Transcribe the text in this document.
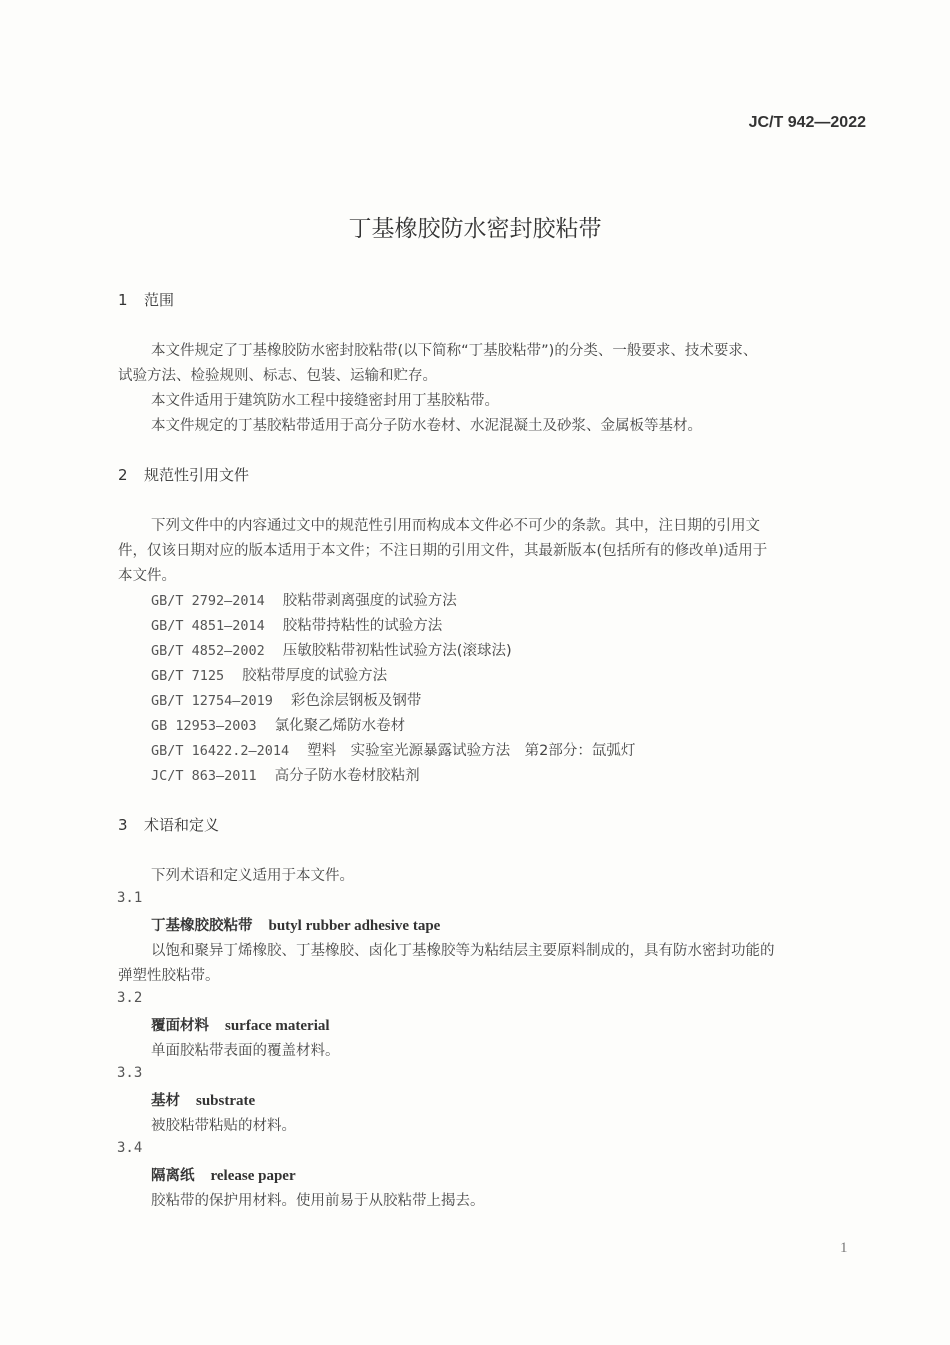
JC/T 942—2022
丁基橡胶防水密封胶粘带
1 范围
本文件规定了丁基橡胶防水密封胶粘带(以下简称“丁基胶粘带”)的分类、一般要求、技术要求、
试验方法、检验规则、标志、包装、运输和贮存。
本文件适用于建筑防水工程中接缝密封用丁基胶粘带。
本文件规定的丁基胶粘带适用于高分子防水卷材、水泥混凝土及砂浆、金属板等基材。
2 规范性引用文件
下列文件中的内容通过文中的规范性引用而构成本文件必不可少的条款。其中，注日期的引用文
件，仅该日期对应的版本适用于本文件；不注日期的引用文件，其最新版本(包括所有的修改单)适用于
本文件。
GB/T 2792—2014 胶粘带剥离强度的试验方法
GB/T 4851—2014 胶粘带持粘性的试验方法
GB/T 4852—2002 压敏胶粘带初粘性试验方法(滚球法)
GB/T 7125 胶粘带厚度的试验方法
GB/T 12754—2019 彩色涂层钢板及钢带
GB 12953—2003 氯化聚乙烯防水卷材
GB/T 16422.2—2014 塑料　实验室光源暴露试验方法　第2部分：氙弧灯
JC/T 863—2011 高分子防水卷材胶粘剂
3 术语和定义
下列术语和定义适用于本文件。
3.1
丁基橡胶胶粘带 butyl rubber adhesive tape
以饱和聚异丁烯橡胶、丁基橡胶、卤化丁基橡胶等为粘结层主要原料制成的，具有防水密封功能的
弹塑性胶粘带。
3.2
覆面材料 surface material
单面胶粘带表面的覆盖材料。
3.3
基材 substrate
被胶粘带粘贴的材料。
3.4
隔离纸 release paper
胶粘带的保护用材料。使用前易于从胶粘带上揭去。
1
